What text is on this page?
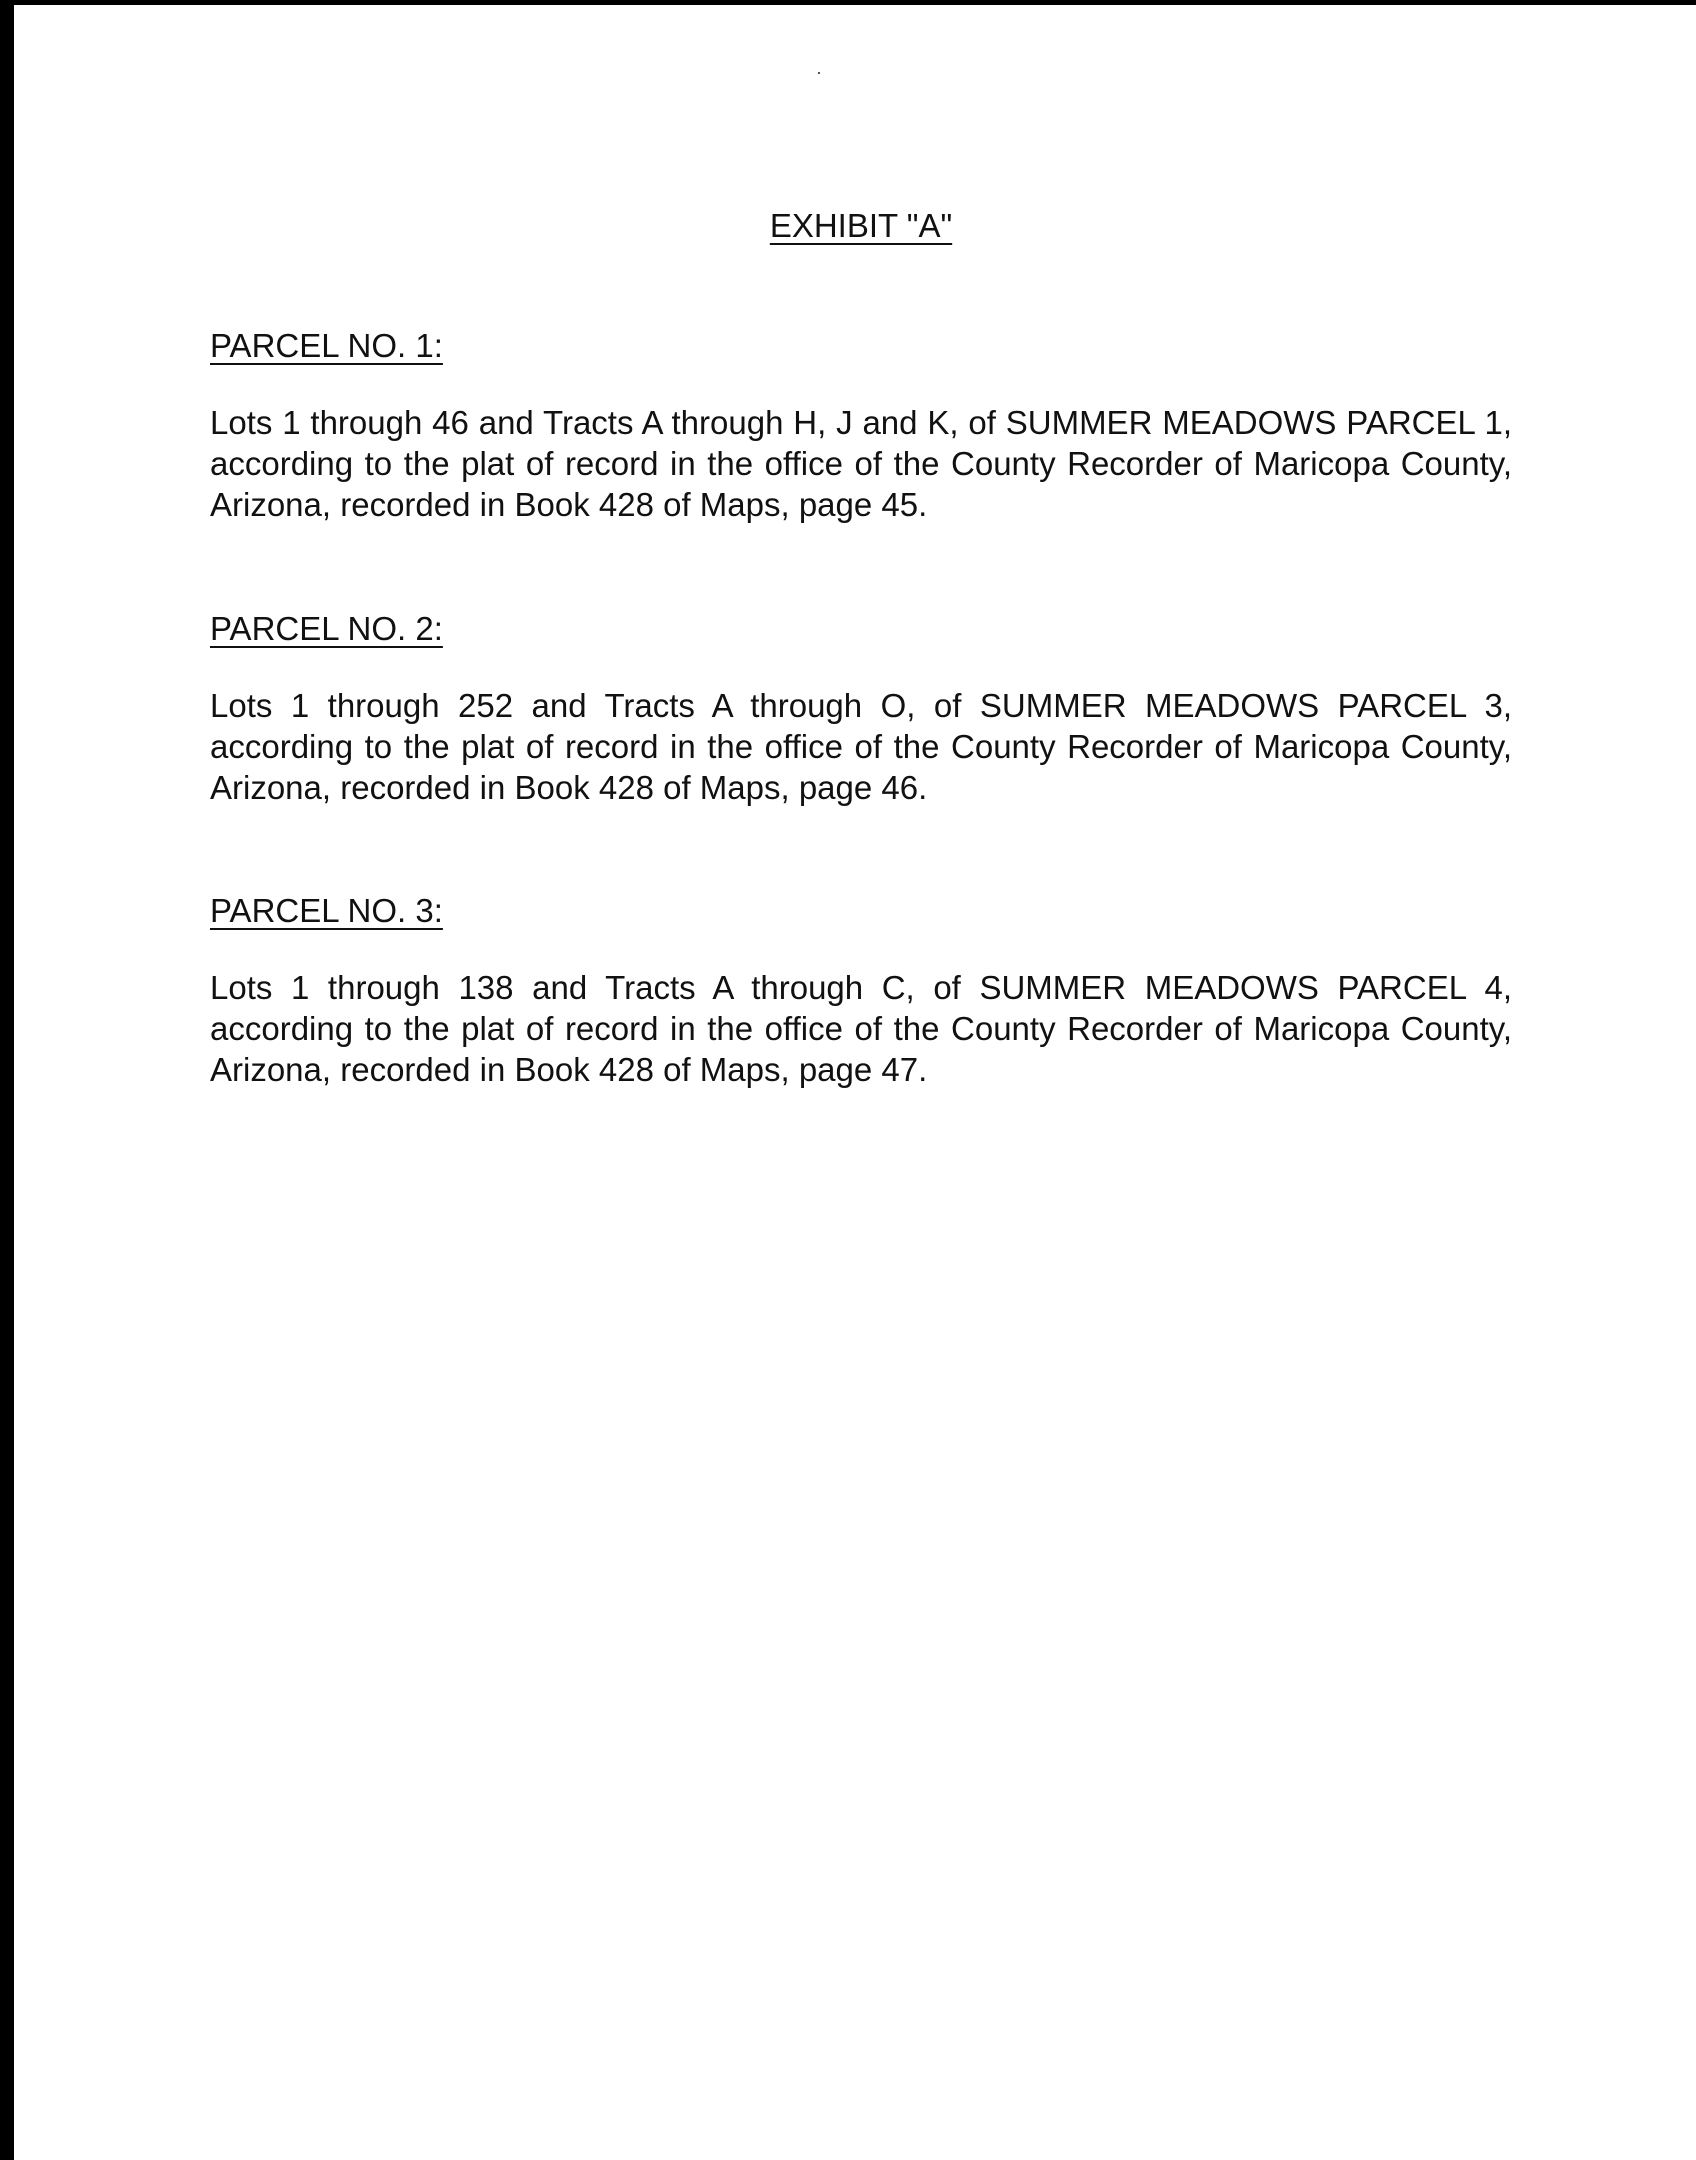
EXHIBIT "A"

PARCEL NO. 1:

Lots 1 through 46 and Tracts A through H, J and K, of SUMMER MEADOWS PARCEL 1, according to the plat of record in the office of the County Recorder of Maricopa County, Arizona, recorded in Book 428 of Maps, page 45.

PARCEL NO. 2:

Lots 1 through 252 and Tracts A through O, of SUMMER MEADOWS PARCEL 3, according to the plat of record in the office of the County Recorder of Maricopa County, Arizona, recorded in Book 428 of Maps, page 46.

PARCEL NO. 3:

Lots 1 through 138 and Tracts A through C, of SUMMER MEADOWS PARCEL 4, according to the plat of record in the office of the County Recorder of Maricopa County, Arizona, recorded in Book 428 of Maps, page 47.
